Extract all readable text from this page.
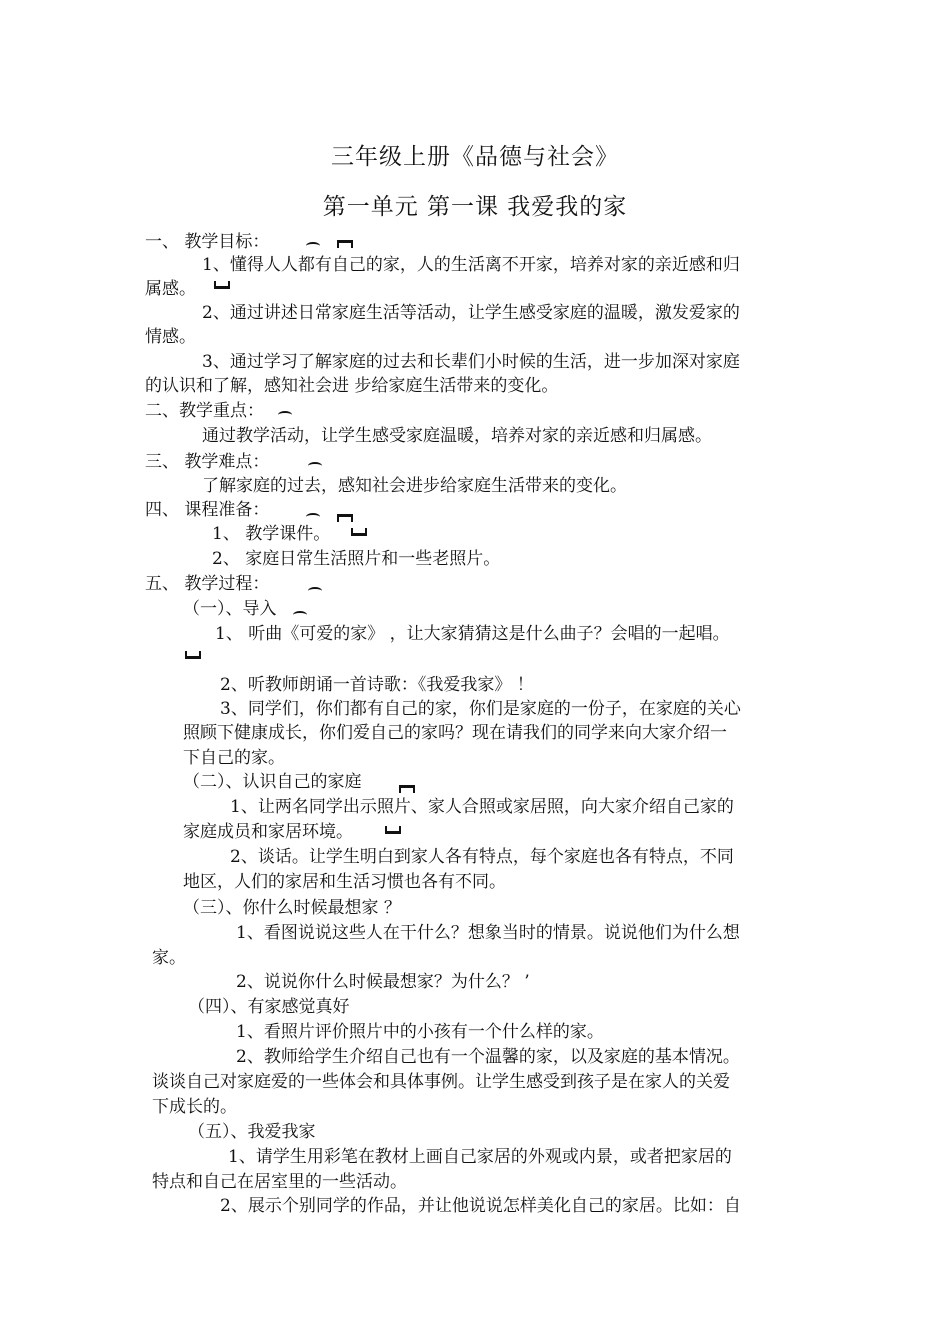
三年级上册《品德与社会》
第一单元 第一课 我爱我的家
一、 教学目标：
1、懂得人人都有自己的家，人的生活离不开家，培养对家的亲近感和归
属感。
2、通过讲述日常家庭生活等活动，让学生感受家庭的温暖，激发爱家的
情感。
3、通过学习了解家庭的过去和长辈们小时候的生活，进一步加深对家庭
的认识和了解，感知社会进 步给家庭生活带来的变化。
二、教学重点：
通过教学活动，让学生感受家庭温暖，培养对家的亲近感和归属感。
三、 教学难点：
了解家庭的过去，感知社会进步给家庭生活带来的变化。
四、 课程准备：
1、 教学课件。
2、 家庭日常生活照片和一些老照片。
五、 教学过程：
（一）、导入
1、 听曲《可爱的家》 ，让大家猜猜这是什么曲子？会唱的一起唱。
2、听教师朗诵一首诗歌：《我爱我家》 ！
3、同学们，你们都有自己的家，你们是家庭的一份子，在家庭的关心
照顾下健康成长，你们爱自己的家吗？现在请我们的同学来向大家介绍一
下自己的家。
（二）、认识自己的家庭
1、让两名同学出示照片、家人合照或家居照，向大家介绍自己家的
家庭成员和家居环境。
2、谈话。让学生明白到家人各有特点，每个家庭也各有特点，不同
地区，人们的家居和生活习惯也各有不同。
（三）、你什么时候最想家 ？
1、看图说说这些人在干什么？想象当时的情景。说说他们为什么想
家。
2、说说你什么时候最想家？为什么？ ’
（四）、有家感觉真好
1、看照片评价照片中的小孩有一个什么样的家。
2、教师给学生介绍自己也有一个温馨的家，以及家庭的基本情况。
谈谈自己对家庭爱的一些体会和具体事例。让学生感受到孩子是在家人的关爱
下成长的。
（五）、我爱我家
1、请学生用彩笔在教材上画自己家居的外观或内景，或者把家居的
特点和自己在居室里的一些活动。
2、展示个别同学的作品，并让他说说怎样美化自己的家居。比如：自
